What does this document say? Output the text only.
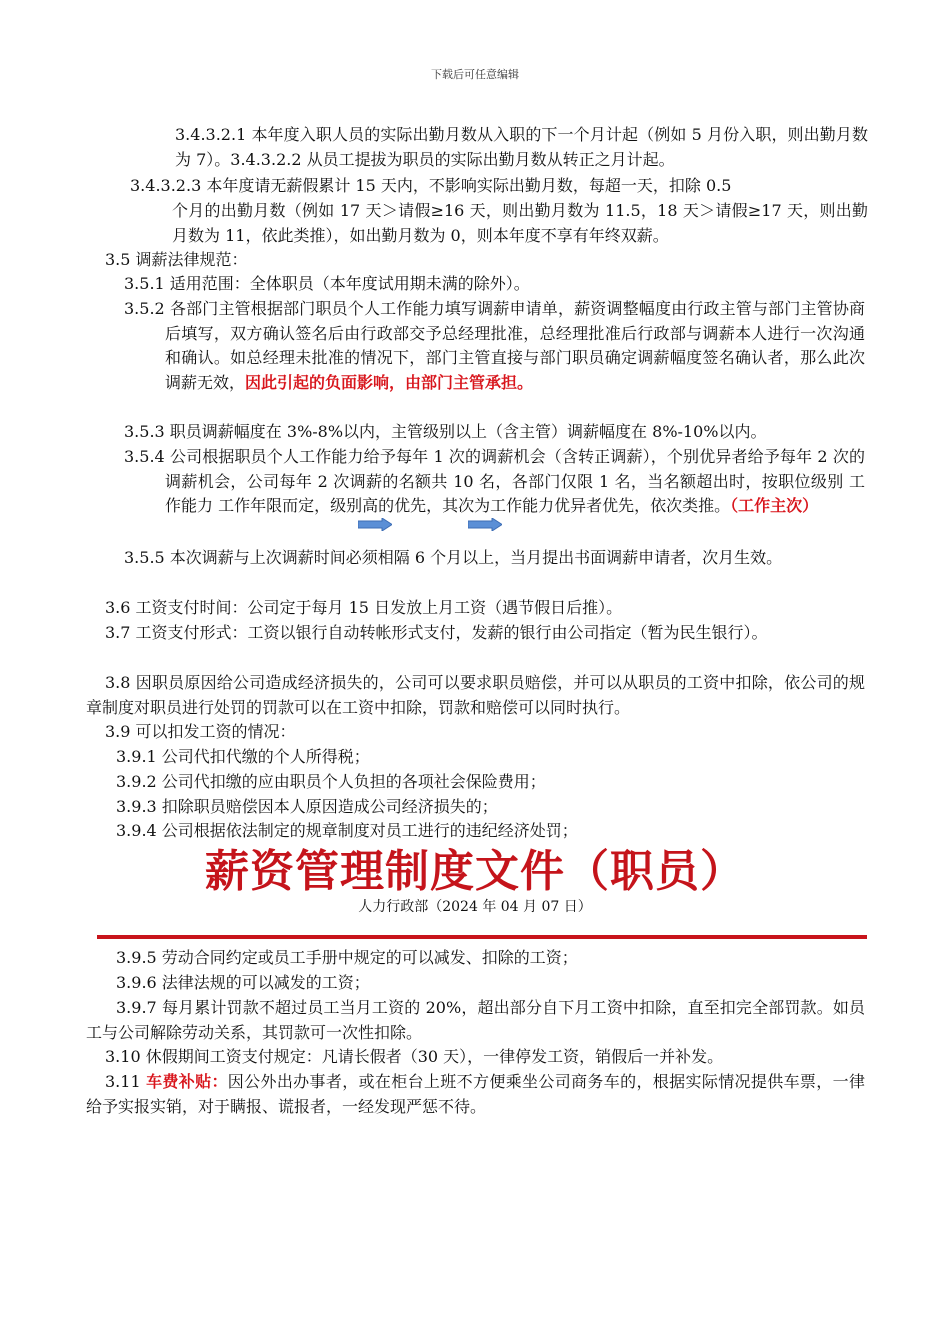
下载后可任意编辑

3.4.3.2.1 本年度入职人员的实际出勤月数从入职的下一个月计起（例如 5 月份入职，则出勤月数为 7）。3.4.3.2.2 从员工提拔为职员的实际出勤月数从转正之月计起。

3.4.3.2.3 本年度请无薪假累计 15 天内，不影响实际出勤月数，每超一天，扣除 0.5

个月的出勤月数（例如 17 天＞请假≥16 天，则出勤月数为 11.5，18 天＞请假≥17 天，则出勤月数为 11，依此类推），如出勤月数为 0，则本年度不享有年终双薪。

3.5 调薪法律规范：

3.5.1 适用范围：全体职员（本年度试用期未满的除外）。

3.5.2 各部门主管根据部门职员个人工作能力填写调薪申请单，薪资调整幅度由行政主管与部门主管协商后填写，双方确认签名后由行政部交予总经理批准，总经理批准后行政部与调薪本人进行一次沟通和确认。如总经理未批准的情况下，部门主管直接与部门职员确定调薪幅度签名确认者，那么此次调薪无效，因此引起的负面影响，由部门主管承担。

3.5.3 职员调薪幅度在 3%-8%以内，主管级别以上（含主管）调薪幅度在 8%-10%以内。

3.5.4 公司根据职员个人工作能力给予每年 1 次的调薪机会（含转正调薪），个别优异者给予每年 2 次的调薪机会，公司每年 2 次调薪的名额共 10 名，各部门仅限 1 名，当名额超出时，按职位级别 工作能力 工作年限而定，级别高的优先，其次为工作能力优异者优先，依次类推。（工作主次）

3.5.5 本次调薪与上次调薪时间必须相隔 6 个月以上，当月提出书面调薪申请者，次月生效。

3.6 工资支付时间：公司定于每月 15 日发放上月工资（遇节假日后推）。

3.7 工资支付形式：工资以银行自动转帐形式支付，发薪的银行由公司指定（暂为民生银行）。

3.8 因职员原因给公司造成经济损失的，公司可以要求职员赔偿，并可以从职员的工资中扣除，依公司的规章制度对职员进行处罚的罚款可以在工资中扣除，罚款和赔偿可以同时执行。

3.9 可以扣发工资的情况：

3.9.1 公司代扣代缴的个人所得税；

3.9.2 公司代扣缴的应由职员个人负担的各项社会保险费用；

3.9.3 扣除职员赔偿因本人原因造成公司经济损失的；

3.9.4 公司根据依法制定的规章制度对员工进行的违纪经济处罚；

薪资管理制度文件（职员）
人力行政部（2024 年 04 月 07 日）

3.9.5 劳动合同约定或员工手册中规定的可以减发、扣除的工资；

3.9.6 法律法规的可以减发的工资；

3.9.7 每月累计罚款不超过员工当月工资的 20%，超出部分自下月工资中扣除，直至扣完全部罚款。如员工与公司解除劳动关系，其罚款可一次性扣除。

3.10 休假期间工资支付规定：凡请长假者（30 天），一律停发工资，销假后一并补发。

3.11 车费补贴：因公外出办事者，或在柜台上班不方便乘坐公司商务车的，根据实际情况提供车票，一律给予实报实销，对于瞒报、谎报者，一经发现严惩不待。
